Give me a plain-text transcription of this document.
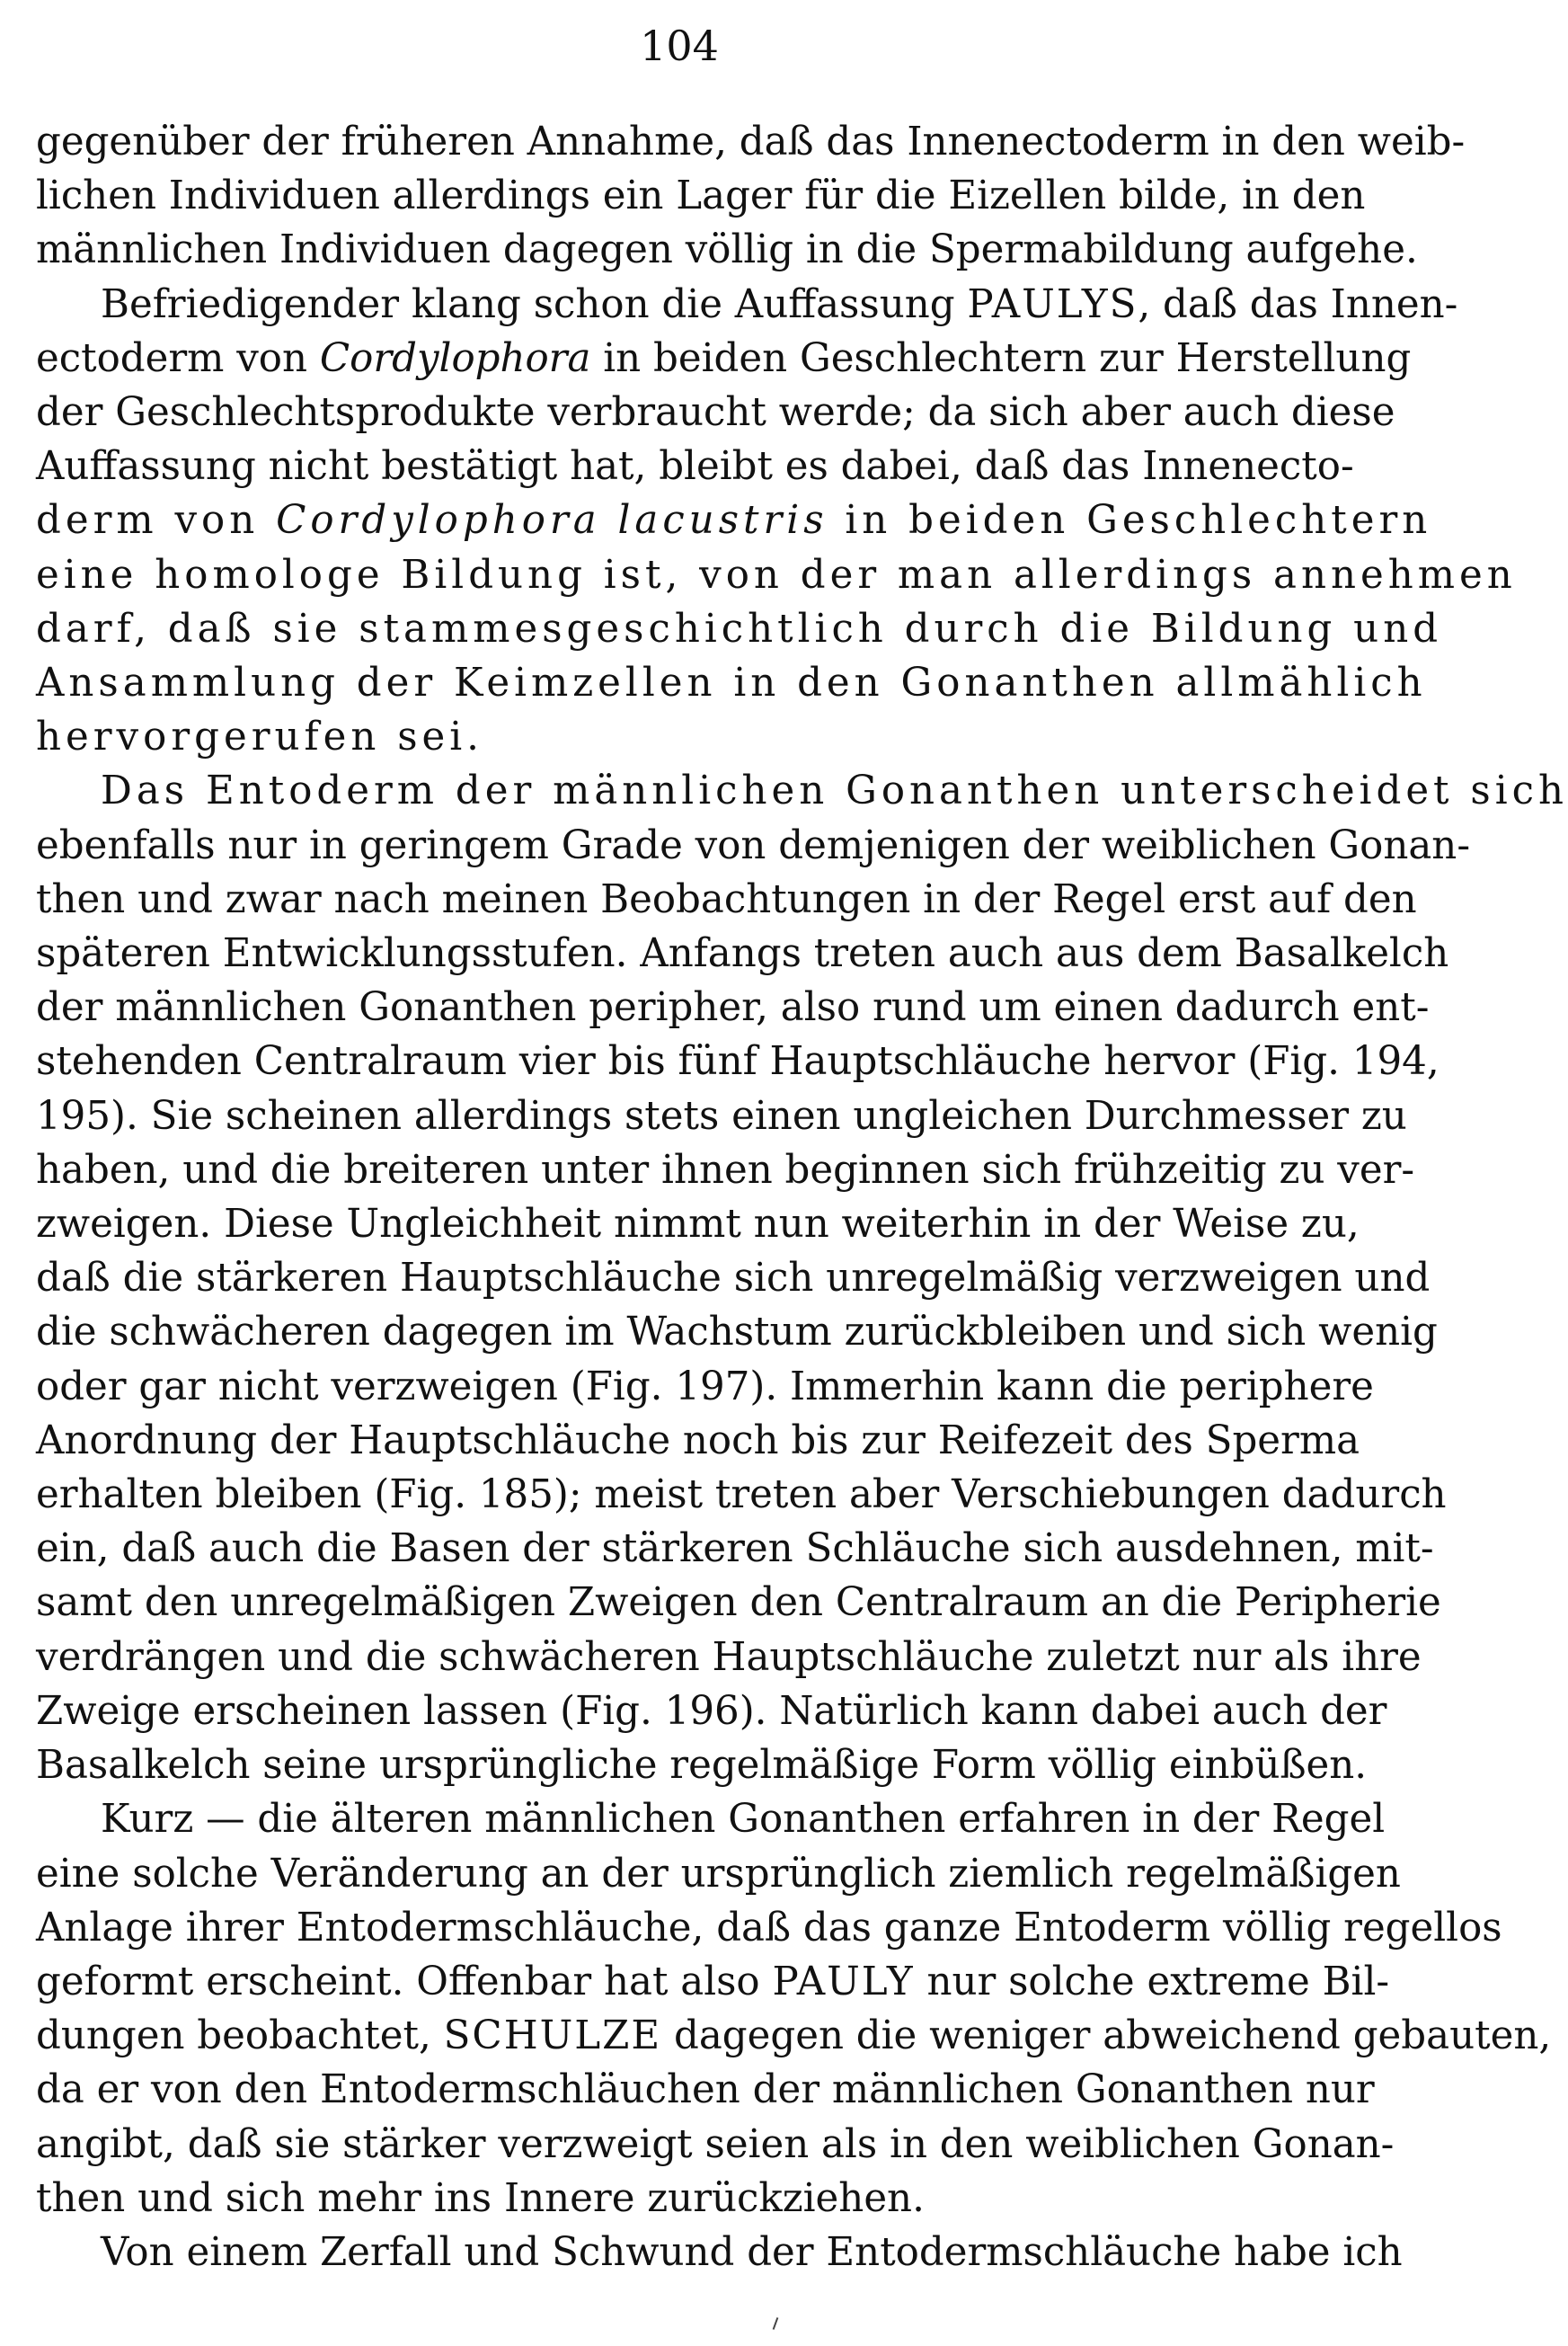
104

gegenüber der früheren Annahme, daß das Innenectoderm in den weib-
lichen Individuen allerdings ein Lager für die Eizellen bilde, in den
männlichen Individuen dagegen völlig in die Spermabildung aufgehe.

Befriedigender klang schon die Auffassung PAULYS, daß das Innen-
ectoderm von Cordylophora in beiden Geschlechtern zur Herstellung
der Geschlechtsprodukte verbraucht werde; da sich aber auch diese
Auffassung nicht bestätigt hat, bleibt es dabei, daß das Innenecto-
derm von Cordylophora lacustris in beiden Geschlechtern
eine homologe Bildung ist, von der man allerdings annehmen
darf, daß sie stammesgeschichtlich durch die Bildung und
Ansammlung der Keimzellen in den Gonanthen allmählich
hervorgerufen sei.

Das Entoderm der männlichen Gonanthen unterscheidet sich
ebenfalls nur in geringem Grade von demjenigen der weiblichen Gonan-
then und zwar nach meinen Beobachtungen in der Regel erst auf den
späteren Entwicklungsstufen. Anfangs treten auch aus dem Basalkelch
der männlichen Gonanthen peripher, also rund um einen dadurch ent-
stehenden Centralraum vier bis fünf Hauptschläuche hervor (Fig. 194,
195). Sie scheinen allerdings stets einen ungleichen Durchmesser zu
haben, und die breiteren unter ihnen beginnen sich frühzeitig zu ver-
zweigen. Diese Ungleichheit nimmt nun weiterhin in der Weise zu,
daß die stärkeren Hauptschläuche sich unregelmäßig verzweigen und
die schwächeren dagegen im Wachstum zurückbleiben und sich wenig
oder gar nicht verzweigen (Fig. 197). Immerhin kann die periphere
Anordnung der Hauptschläuche noch bis zur Reifezeit des Sperma
erhalten bleiben (Fig. 185); meist treten aber Verschiebungen dadurch
ein, daß auch die Basen der stärkeren Schläuche sich ausdehnen, mit-
samt den unregelmäßigen Zweigen den Centralraum an die Peripherie
verdrängen und die schwächeren Hauptschläuche zuletzt nur als ihre
Zweige erscheinen lassen (Fig. 196). Natürlich kann dabei auch der
Basalkelch seine ursprüngliche regelmäßige Form völlig einbüßen.

Kurz — die älteren männlichen Gonanthen erfahren in der Regel
eine solche Veränderung an der ursprünglich ziemlich regelmäßigen
Anlage ihrer Entodermschläuche, daß das ganze Entoderm völlig regellos
geformt erscheint. Offenbar hat also PAULY nur solche extreme Bil-
dungen beobachtet, SCHULZE dagegen die weniger abweichend gebauten,
da er von den Entodermschläuchen der männlichen Gonanthen nur
angibt, daß sie stärker verzweigt seien als in den weiblichen Gonan-
then und sich mehr ins Innere zurückziehen.

Von einem Zerfall und Schwund der Entodermschläuche habe ich
